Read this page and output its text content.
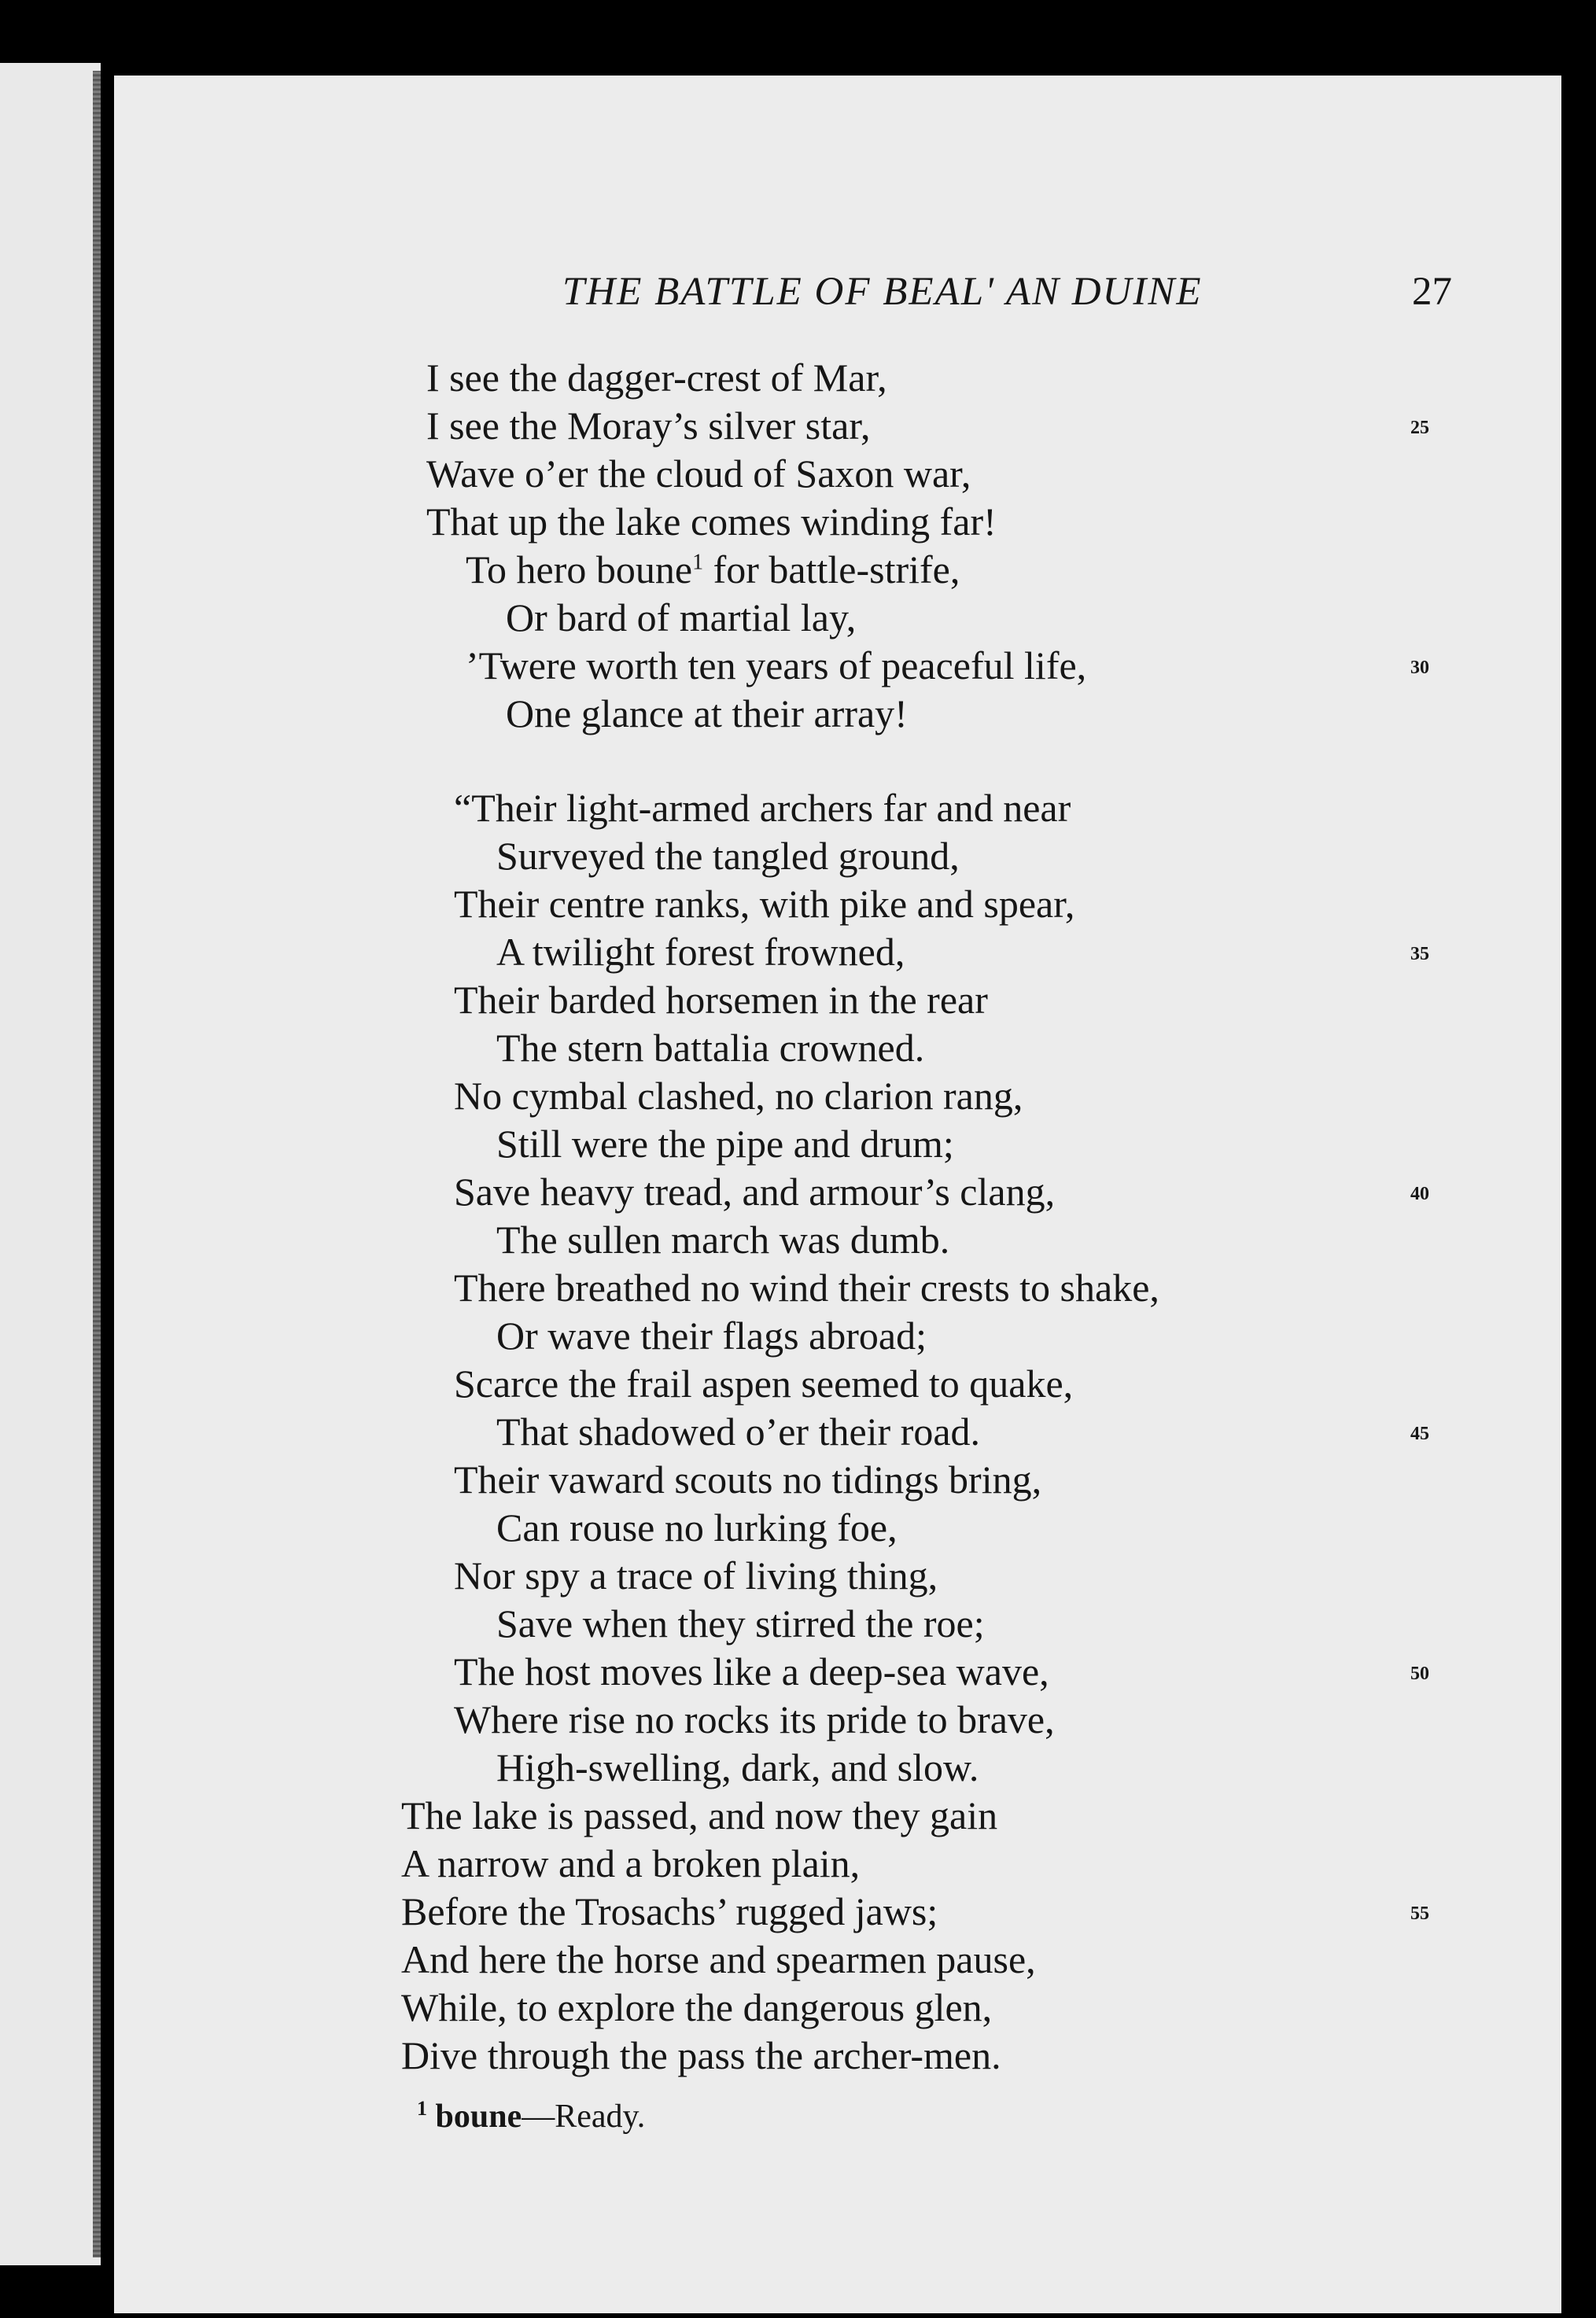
THE BATTLE OF BEAL' AN DUINE	27
I see the dagger-crest of Mar,
I see the Moray’s silver star,	25
Wave o’er the cloud of Saxon war,
That up the lake comes winding far!
To hero boune$^1$ for battle-strife,
Or bard of martial lay,
’Twere worth ten years of peaceful life,	30
One glance at their array!
“Their light-armed archers far and near
Surveyed the tangled ground,
Their centre ranks, with pike and spear,
A twilight forest frowned,	35
Their barded horsemen in the rear
The stern battalia crowned.
No cymbal clashed, no clarion rang,
Still were the pipe and drum;
Save heavy tread, and armour’s clang,	40
The sullen march was dumb.
There breathed no wind their crests to shake,
Or wave their flags abroad;
Scarce the frail aspen seemed to quake,
That shadowed o’er their road.	45
Their vaward scouts no tidings bring,
Can rouse no lurking foe,
Nor spy a trace of living thing,
Save when they stirred the roe;
The host moves like a deep-sea wave,	50
Where rise no rocks its pride to brave,
High-swelling, dark, and slow.
The lake is passed, and now they gain
A narrow and a broken plain,
Before the Trosachs’ rugged jaws;	55
And here the horse and spearmen pause,
While, to explore the dangerous glen,
Dive through the pass the archer-men.
$^1$ boune—Ready.
